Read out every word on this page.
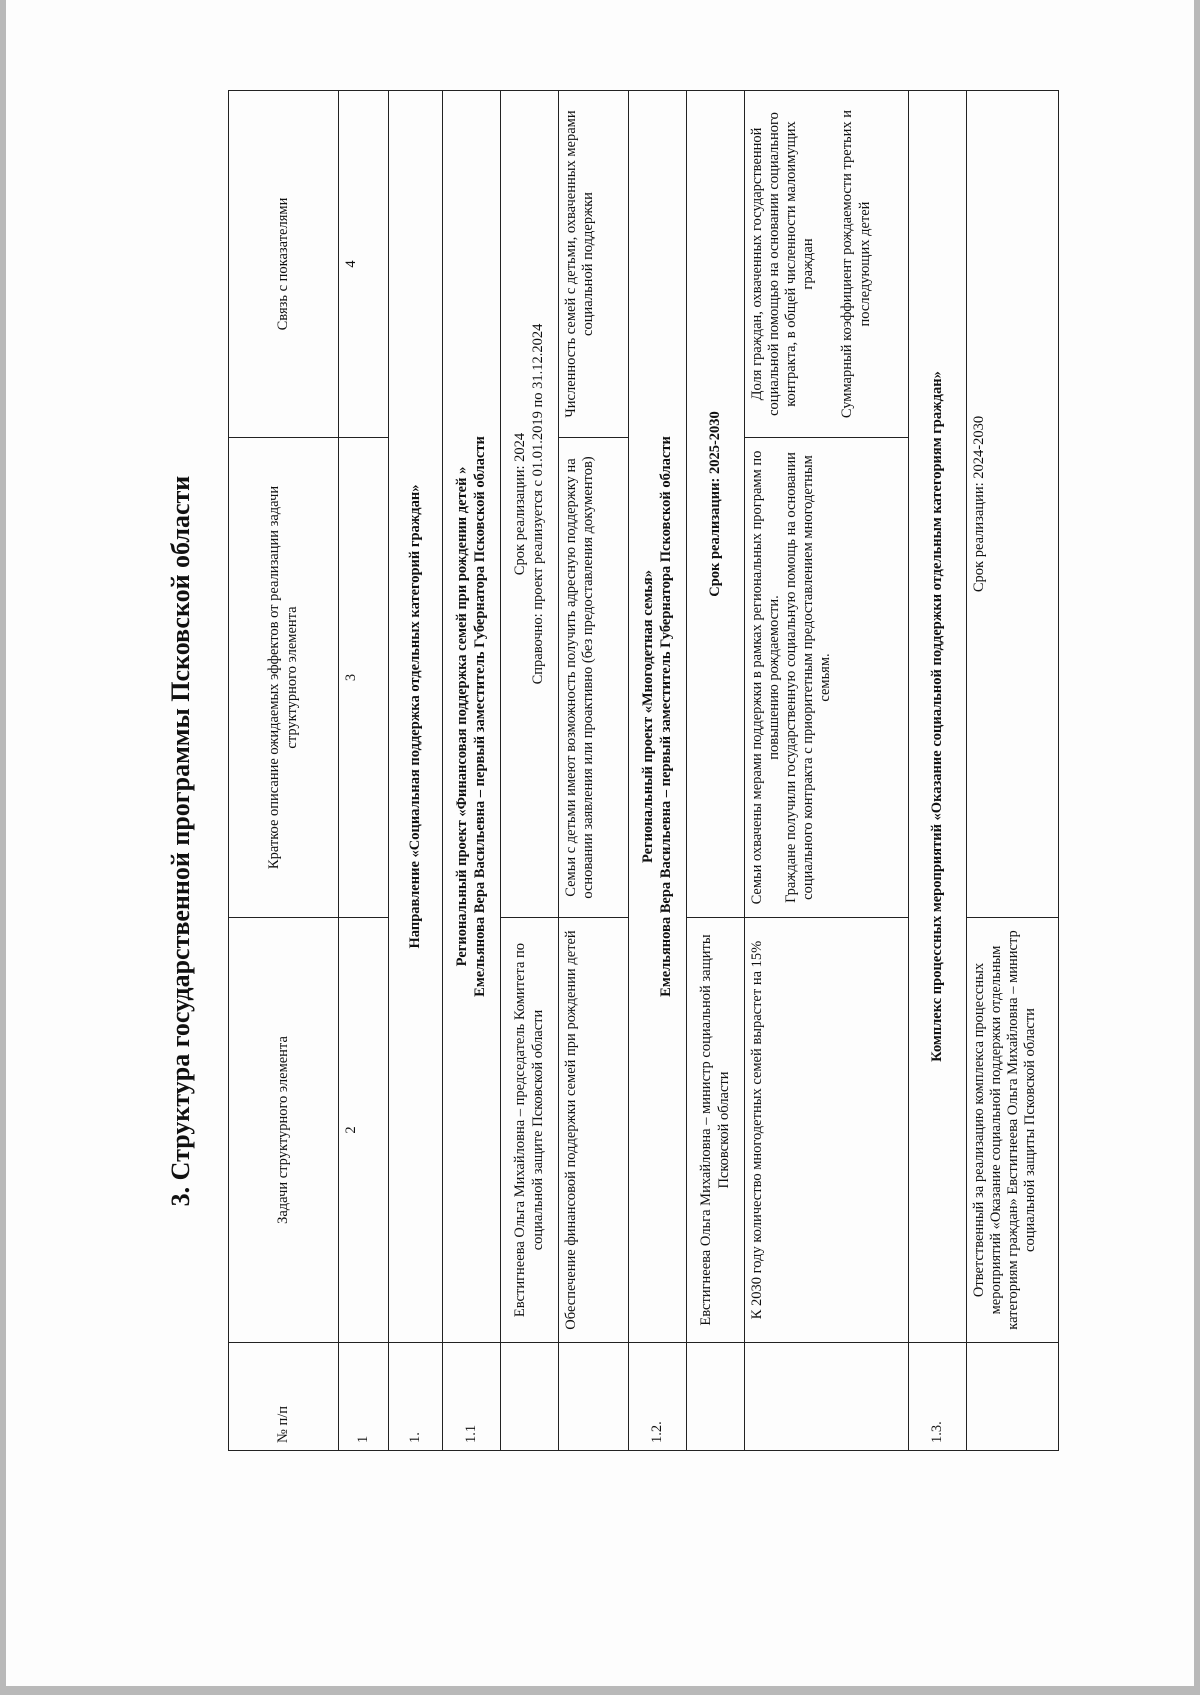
3. Структура государственной программы Псковской области
№ п/п	Задачи структурного элемента	Краткое описание ожидаемых эффектов от реализации задачи структурного элемента	Связь с показателями
1	2	3	4
1.	Направление «Социальная поддержка отдельных категорий граждан»		
1.1	Региональный проект «Финансовая поддержка семей при рождении детей » Емельянова Вера Васильевна – первый заместитель Губернатора Псковской области		

	Евстигнеева Ольга Михайловна – председатель Комитета по социальной защите Псковской области	Срок реализации: 2024 Справочно: проект реализуется с 01.01.2019 по 31.12.2024	

	Обеспечение финансовой поддержки семей при рождении детей	Семьи с детьми имеют возможность получить адресную поддержку на основании заявления или проактивно (без предоставления документов)	Численность семей с детьми, охваченных мерами социальной поддержки
1.2.	Региональный проект «Многодетная семья» Емельянова Вера Васильевна – первый заместитель Губернатора Псковской области		

	Евстигнеева Ольга Михайловна – министр социальной защиты Псковской области	Срок реализации: 2025-2030	
	К 2030 году количество многодетных семей вырастет на 15%	Семьи охвачены мерами поддержки в рамках региональных программ по повышению рождаемости. Граждане получили государственную социальную помощь на основании социального контракта с приоритетным предоставлением многодетным семьям.	Доля граждан, охваченных государственной социальной помощью на основании социального контракта, в общей численности малоимущих граждан Суммарный коэффициент рождаемости третьих и последующих детей

1.3.	Комплекс процессных мероприятий «Оказание социальной поддержки отдельным категориям граждан»		
	Ответственный за реализацию комплекса процессных мероприятий «Оказание социальной поддержки отдельным категориям граждан» Евстигнеева Ольга Михайловна – министр социальной защиты Псковской области	Срок реализации: 2024-2030	
